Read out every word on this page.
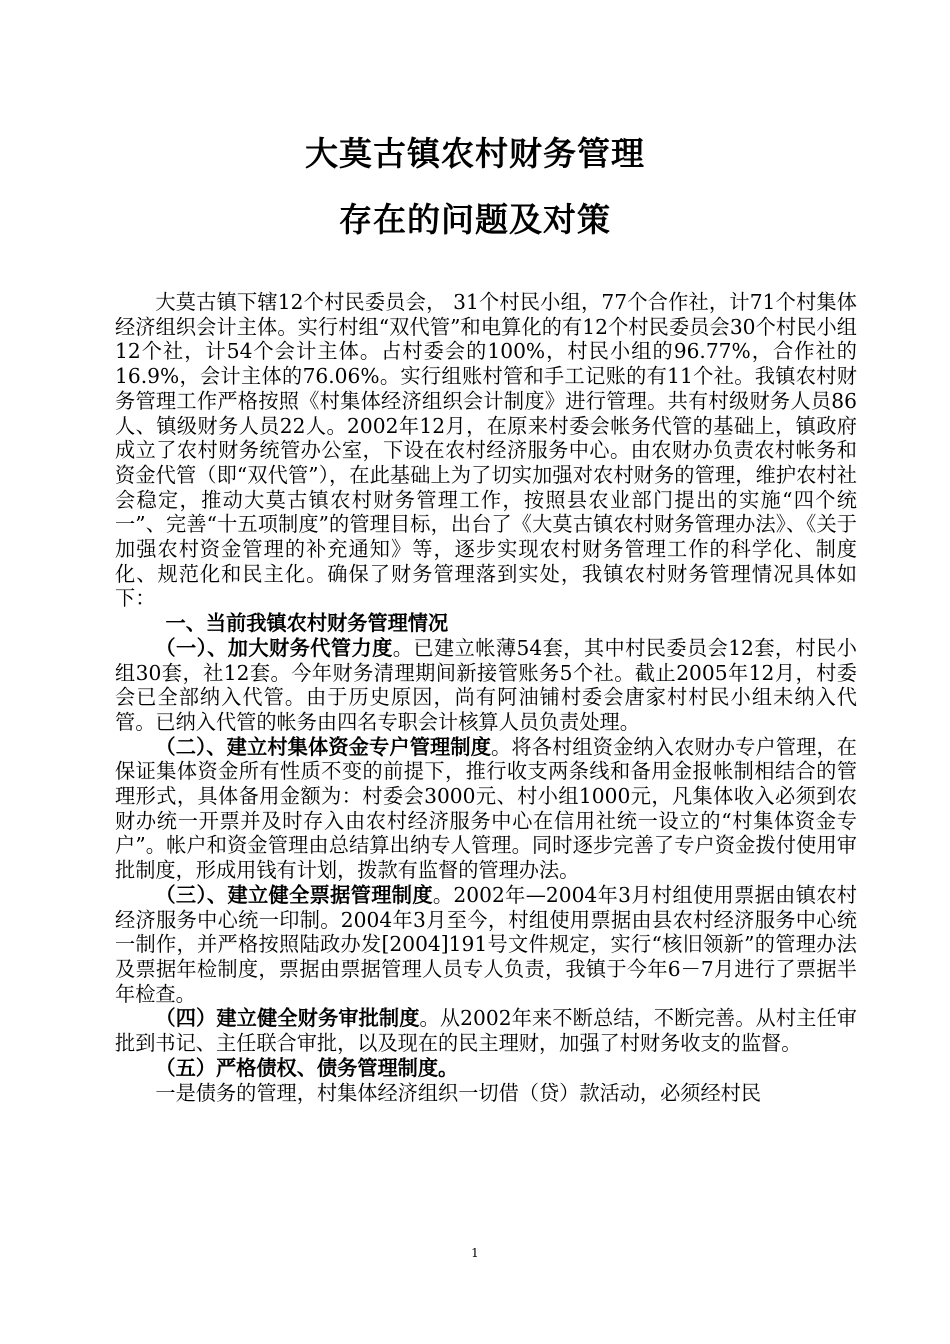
大莫古镇农村财务管理
存在的问题及对策

大莫古镇下辖12个村民委员会， 31个村民小组，77个合作社，计71个村集体经济组织会计主体。实行村组“双代管”和电算化的有12个村民委员会30个村民小组12个社，计54个会计主体。占村委会的100%，村民小组的96.77%，合作社的16.9%，会计主体的76.06%。实行组账村管和手工记账的有11个社。我镇农村财务管理工作严格按照《村集体经济组织会计制度》进行管理。共有村级财务人员86人、镇级财务人员22人。2002年12月，在原来村委会帐务代管的基础上，镇政府成立了农村财务统管办公室，下设在农村经济服务中心。由农财办负责农村帐务和资金代管（即“双代管”），在此基础上为了切实加强对农村财务的管理，维护农村社会稳定，推动大莫古镇农村财务管理工作，按照县农业部门提出的实施“四个统一”、完善“十五项制度”的管理目标，出台了《大莫古镇农村财务管理办法》、《关于加强农村资金管理的补充通知》等，逐步实现农村财务管理工作的科学化、制度化、规范化和民主化。确保了财务管理落到实处，我镇农村财务管理情况具体如下：

一、当前我镇农村财务管理情况

（一）、加大财务代管力度。已建立帐薄54套，其中村民委员会12套，村民小组30套，社12套。今年财务清理期间新接管账务5个社。截止2005年12月，村委会已全部纳入代管。由于历史原因，尚有阿油铺村委会唐家村村民小组未纳入代管。已纳入代管的帐务由四名专职会计核算人员负责处理。

（二）、建立村集体资金专户管理制度。将各村组资金纳入农财办专户管理，在保证集体资金所有性质不变的前提下，推行收支两条线和备用金报帐制相结合的管理形式，具体备用金额为：村委会3000元、村小组1000元，凡集体收入必须到农财办统一开票并及时存入由农村经济服务中心在信用社统一设立的“村集体资金专户”。帐户和资金管理由总结算出纳专人管理。同时逐步完善了专户资金拨付使用审批制度，形成用钱有计划，拨款有监督的管理办法。

（三）、建立健全票据管理制度。2002年—2004年3月村组使用票据由镇农村经济服务中心统一印制。2004年3月至今，村组使用票据由县农村经济服务中心统一制作，并严格按照陆政办发[2004]191号文件规定，实行“核旧领新”的管理办法及票据年检制度，票据由票据管理人员专人负责，我镇于今年6－7月进行了票据半年检查。

（四）建立健全财务审批制度。从2002年来不断总结，不断完善。从村主任审批到书记、主任联合审批，以及现在的民主理财，加强了村财务收支的监督。

（五）严格债权、债务管理制度。

一是债务的管理，村集体经济组织一切借（贷）款活动，必须经村民

1
